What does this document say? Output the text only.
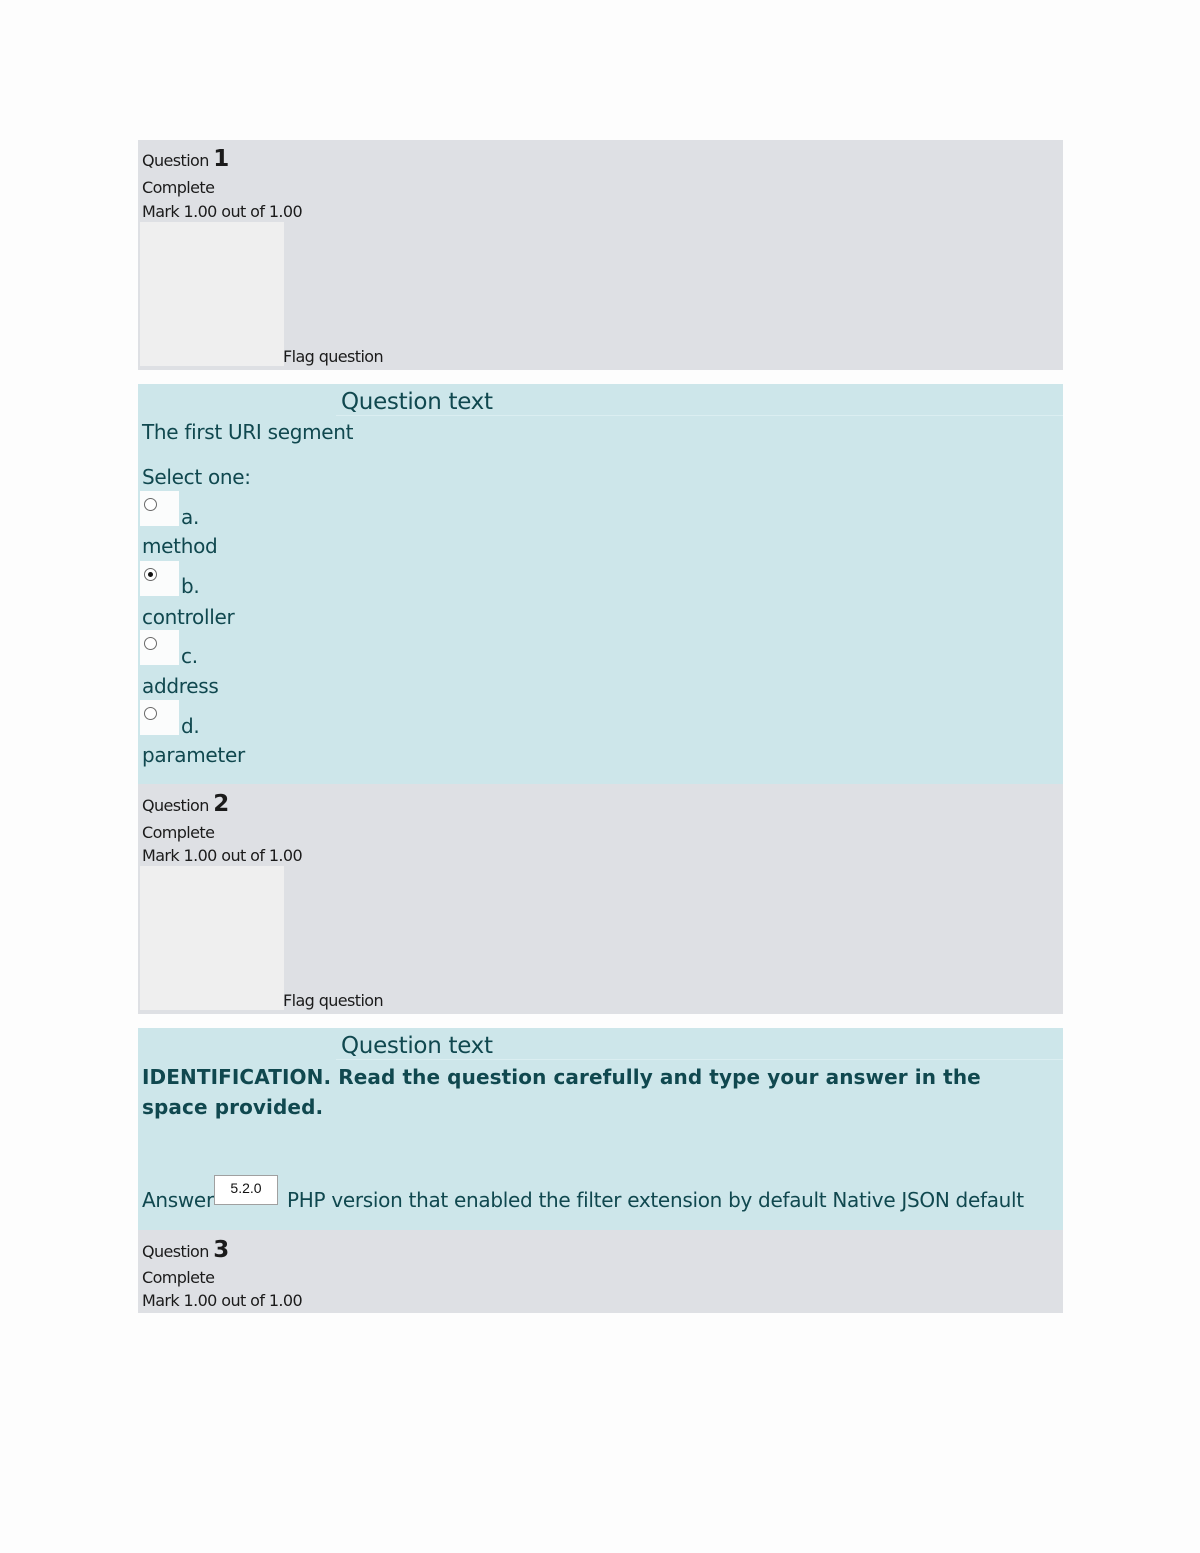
Question 1
Complete
Mark 1.00 out of 1.00
Flag question
Question text
The first URI segment
Select one:
a.
method
b.
controller
c.
address
d.
parameter
Question 2
Complete
Mark 1.00 out of 1.00
Flag question
Question text
IDENTIFICATION. Read the question carefully and type your answer in the space provided.
Answer
5.2.0	PHP version that enabled the filter extension by default Native JSON default
Question 3
Complete
Mark 1.00 out of 1.00
